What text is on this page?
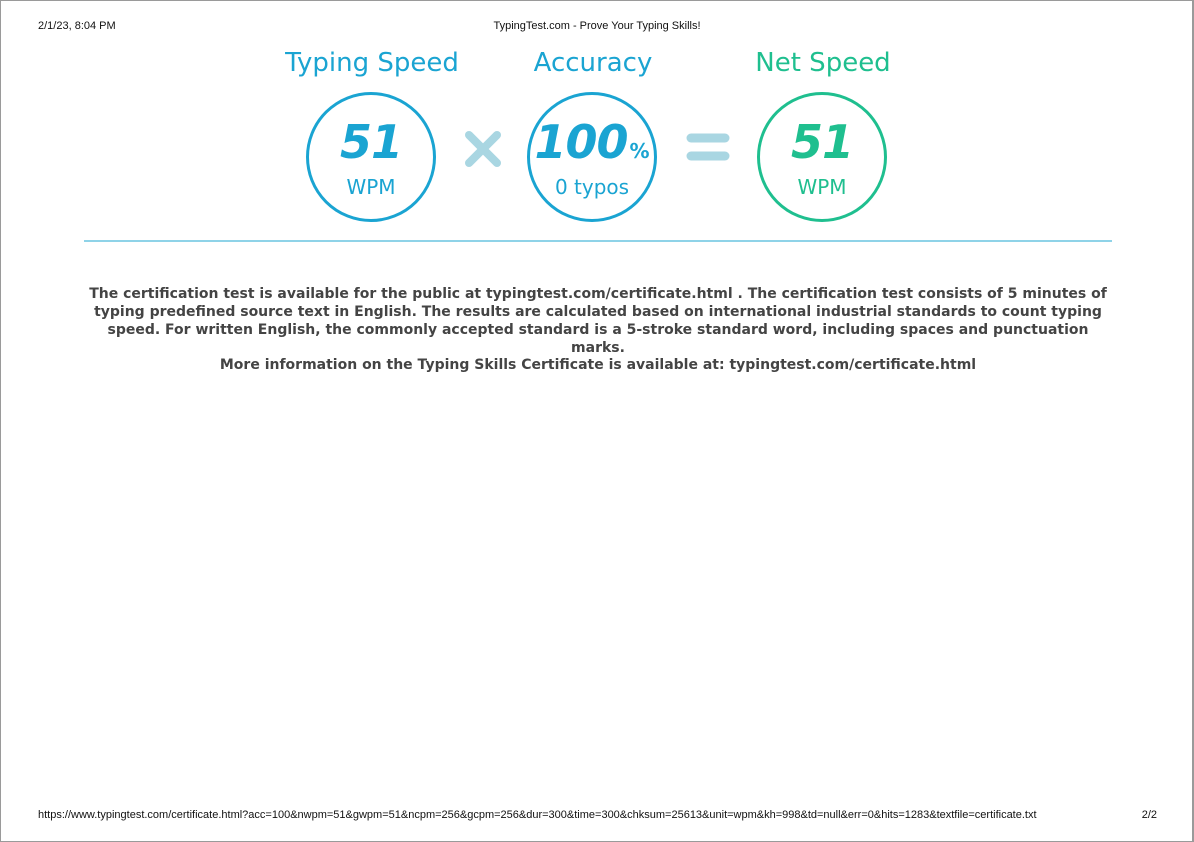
2/1/23, 8:04 PM	TypingTest.com - Prove Your Typing Skills!
Typing Speed
51
WPM
Accuracy
100 %
0 typos
Net Speed
51
WPM
The certification test is available for the public at typingtest.com/certificate.html . The certification test consists of 5 minutes of typing predefined source text in English. The results are calculated based on international industrial standards to count typing speed. For written English, the commonly accepted standard is a 5-stroke standard word, including spaces and punctuation marks.
More information on the Typing Skills Certificate is available at: typingtest.com/certificate.html
https://www.typingtest.com/certificate.html?acc=100&nwpm=51&gwpm=51&ncpm=256&gcpm=256&dur=300&time=300&chksum=25613&unit=wpm&kh=998&td=null&err=0&hits=1283&textfile=certificate.txt	2/2
